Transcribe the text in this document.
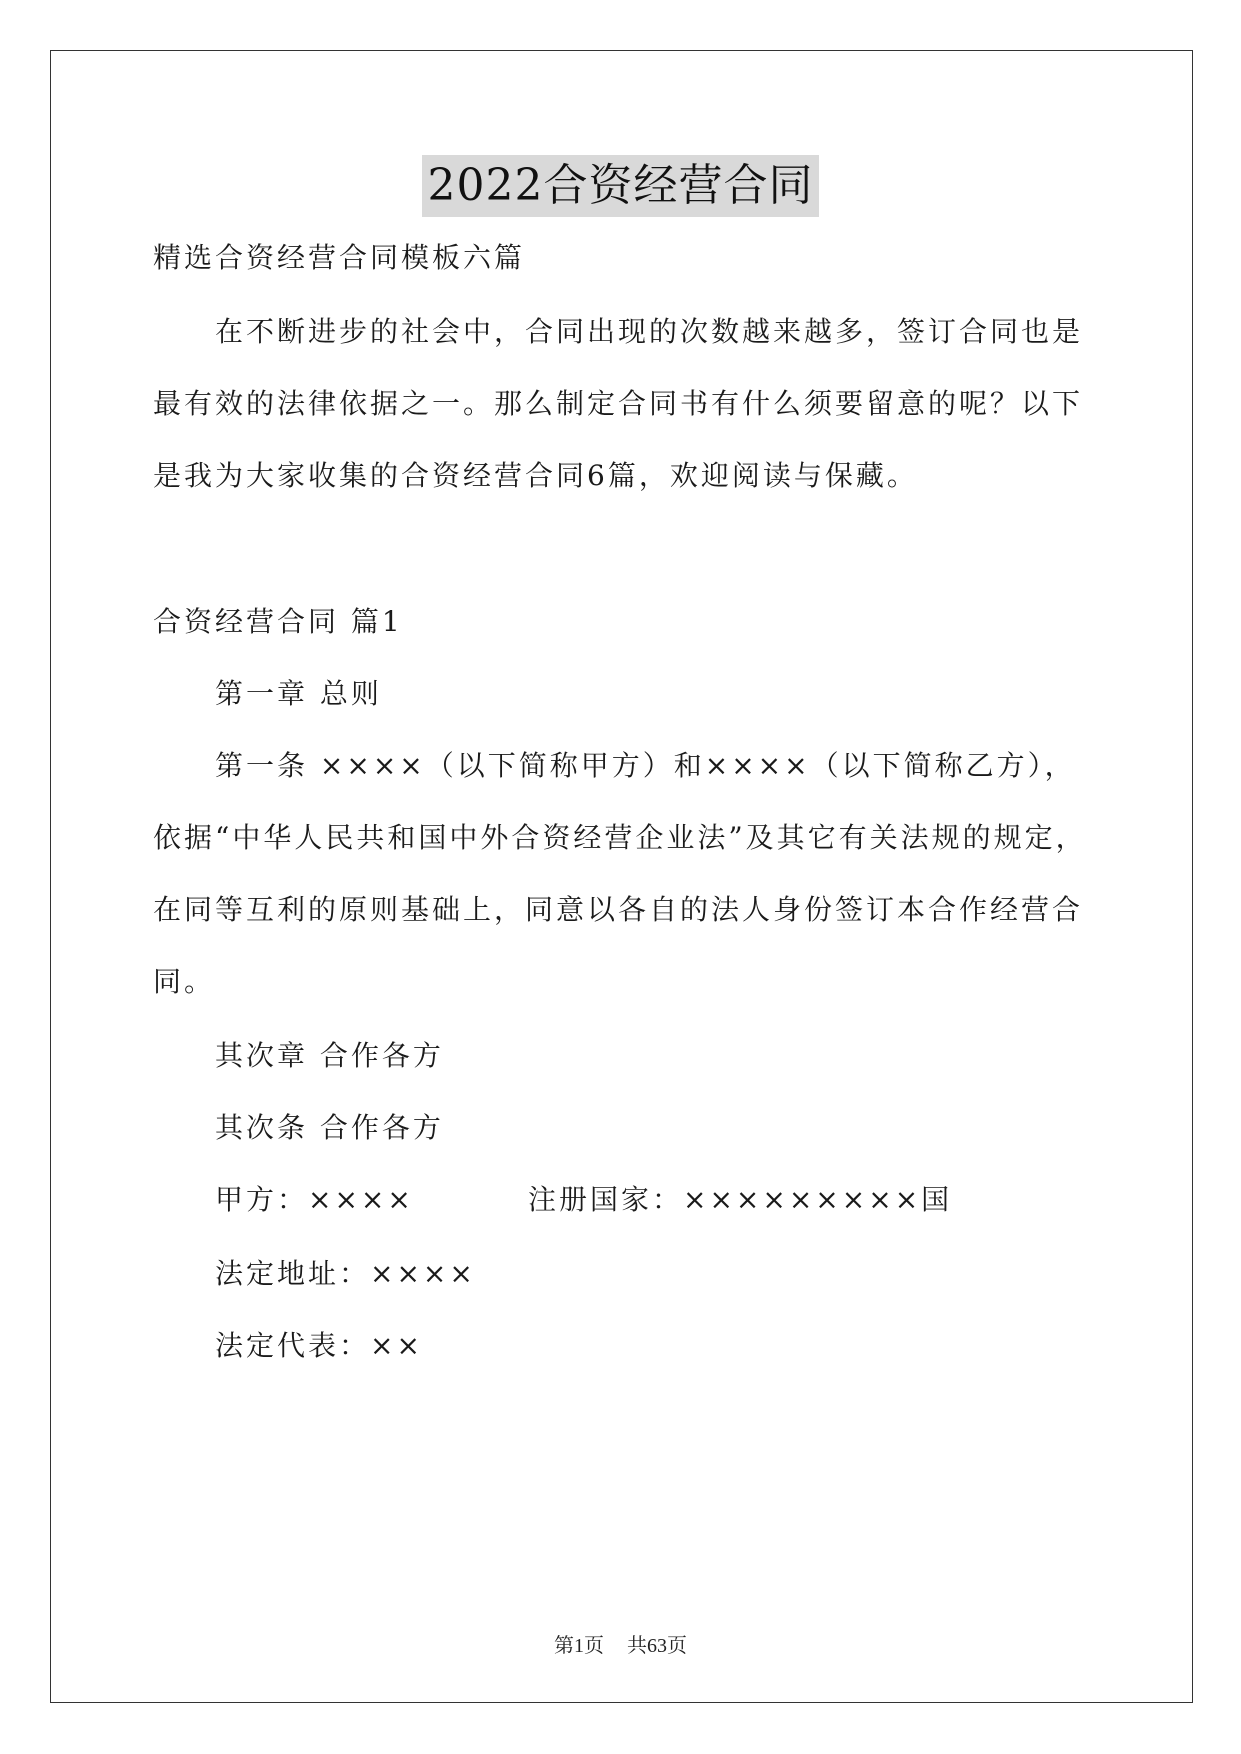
2022合资经营合同
精选合资经营合同模板六篇
在不断进步的社会中，合同出现的次数越来越多，签订合同也是
最有效的法律依据之一。那么制定合同书有什么须要留意的呢？以下
是我为大家收集的合资经营合同6篇，欢迎阅读与保藏。
合资经营合同 篇1
第一章 总则
第一条 ××××（以下简称甲方）和××××（以下简称乙方），
依据“中华人民共和国中外合资经营企业法”及其它有关法规的规定，
在同等互利的原则基础上，同意以各自的法人身份签订本合作经营合
同。
其次章 合作各方
其次条 合作各方
甲方：××××	注册国家：×××××××××国
法定地址：××××
法定代表：××
第1页 共63页
